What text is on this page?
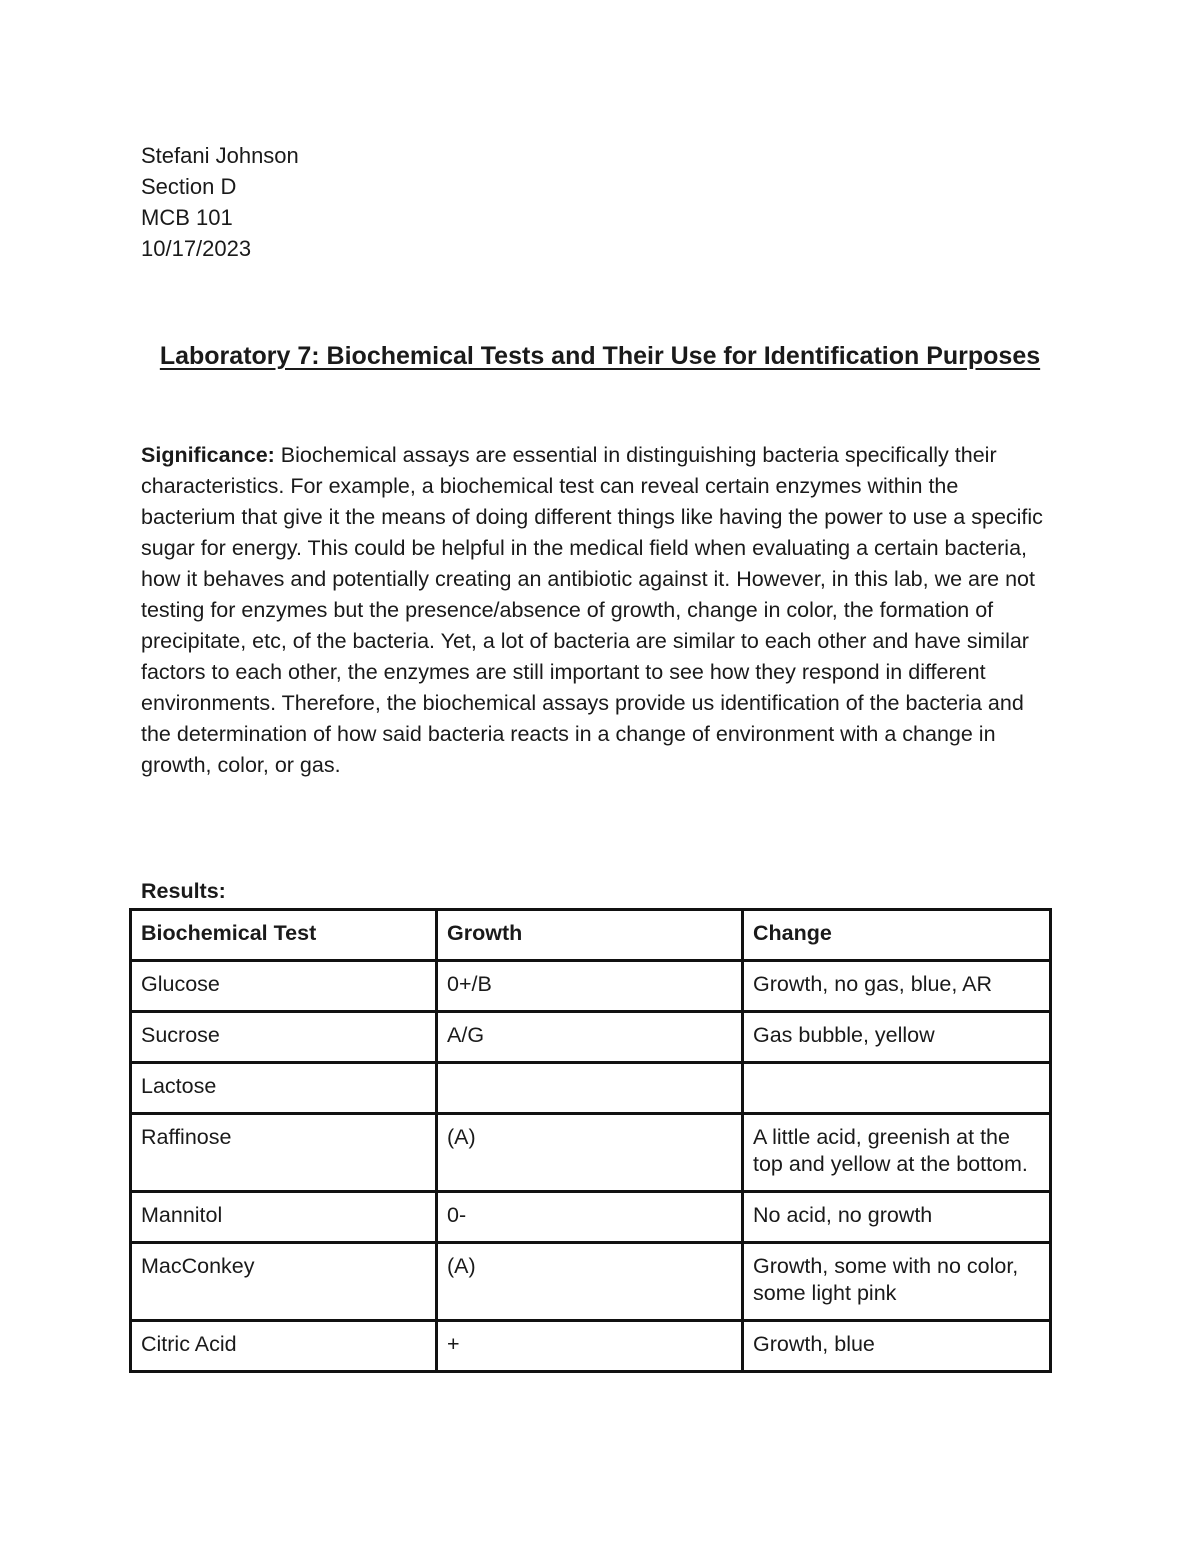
Stefani Johnson
Section D
MCB 101
10/17/2023
Laboratory 7: Biochemical Tests and Their Use for Identification Purposes
Significance: Biochemical assays are essential in distinguishing bacteria specifically their characteristics. For example, a biochemical test can reveal certain enzymes within the bacterium that give it the means of doing different things like having the power to use a specific sugar for energy. This could be helpful in the medical field when evaluating a certain bacteria, how it behaves and potentially creating an antibiotic against it. However, in this lab, we are not testing for enzymes but the presence/absence of growth, change in color, the formation of precipitate, etc, of the bacteria. Yet, a lot of bacteria are similar to each other and have similar factors to each other, the enzymes are still important to see how they respond in different environments. Therefore, the biochemical assays provide us identification of the bacteria and the determination of how said bacteria reacts in a change of environment with a change in growth, color, or gas.
Results:
Biochemical Test	Growth	Change
Glucose	0+/B	Growth, no gas, blue, AR
Sucrose	A/G	Gas bubble, yellow
Lactose		
Raffinose	(A)	A little acid, greenish at the top and yellow at the bottom.
Mannitol	0-	No acid, no growth
MacConkey	(A)	Growth, some with no color, some light pink
Citric Acid	+	Growth, blue
